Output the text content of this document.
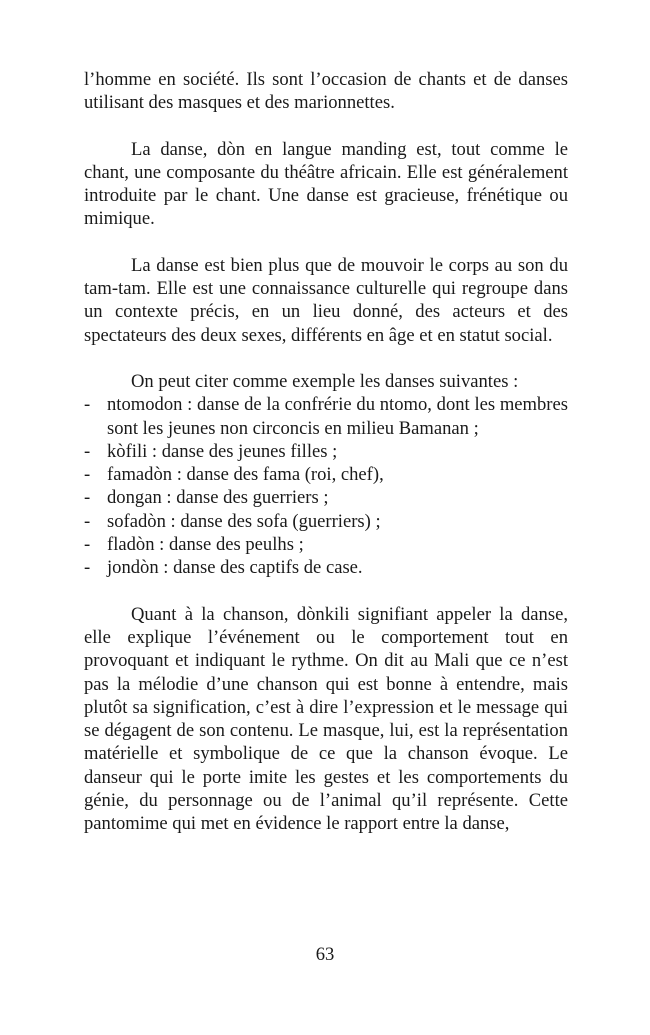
l’homme en société. Ils sont l’occasion de chants et de danses utilisant des masques et des marionnettes.

La danse, dòn en langue manding est, tout comme le chant, une composante du théâtre africain. Elle est généralement introduite par le chant. Une danse est gracieuse, frénétique ou mimique.

La danse est bien plus que de mouvoir le corps au son du tam-tam. Elle est une connaissance culturelle qui regroupe dans un contexte précis, en un lieu donné, des acteurs et des spectateurs des deux sexes, différents en âge et en statut social.

On peut citer comme exemple les danses suivantes :

- ntomodon : danse de la confrérie du ntomo, dont les membres sont les jeunes non circoncis en milieu Bamanan ;
- kòfili : danse des jeunes filles ;
- famadòn : danse des fama (roi, chef),
- dongan : danse des guerriers ;
- sofadòn : danse des sofa (guerriers) ;
- fladòn : danse des peulhs ;
- jondòn : danse des captifs de case.

Quant à la chanson, dònkili signifiant appeler la danse, elle explique l’événement ou le comportement tout en provoquant et indiquant le rythme. On dit au Mali que ce n’est pas la mélodie d’une chanson qui est bonne à entendre, mais plutôt sa signification, c’est à dire l’expression et le message qui se dégagent de son contenu. Le masque, lui, est la représentation matérielle et symbolique de ce que la chanson évoque. Le danseur qui le porte imite les gestes et les comportements du génie, du personnage ou de l’animal qu’il représente. Cette pantomime qui met en évidence le rapport entre la danse,

63
